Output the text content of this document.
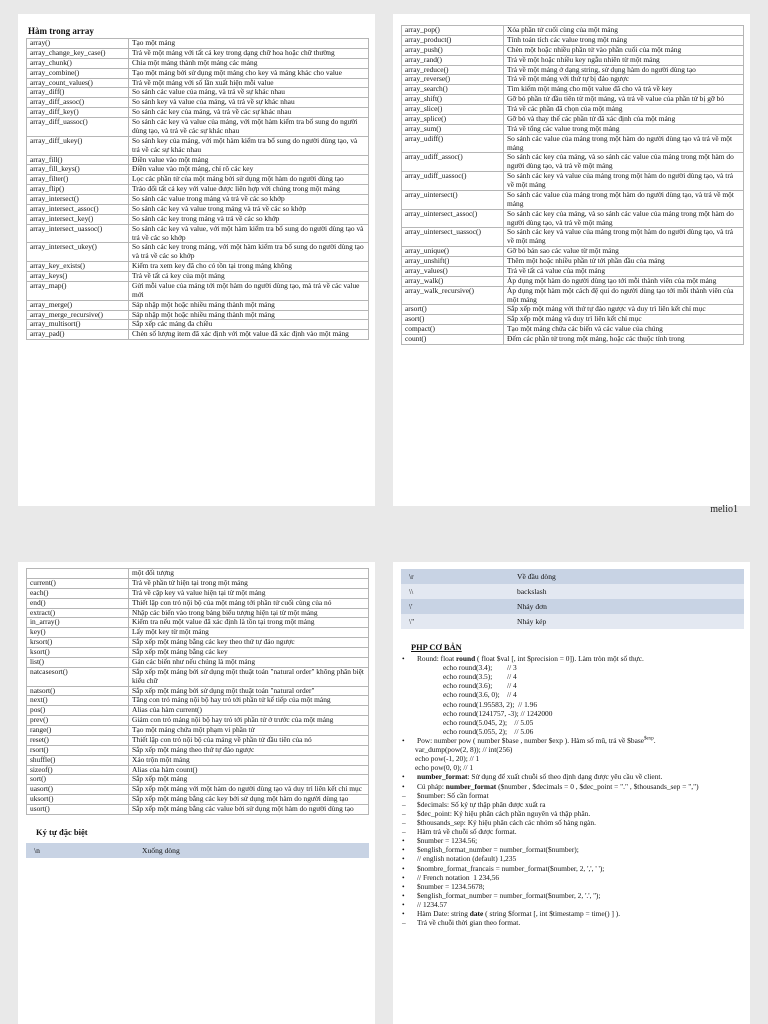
Hàm trong array
array()	Tạo một mảng
array_change_key_case()	Trả về một mảng với tất cả key trong dạng chữ hoa hoặc chữ thường
array_chunk()	Chia một mảng thành một mảng các mảng
array_combine()	Tạo một mảng bởi sử dụng một mảng cho key và mảng khác cho value
array_count_values()	Trả về một mảng với số lần xuất hiện mỗi value
array_diff()	So sánh các value của mảng, và trả về sự khác nhau
array_diff_assoc()	So sánh key và value của mảng, và trả về sự khác nhau
array_diff_key()	So sánh các key của mảng, và trả về các sự khác nhau
array_diff_uassoc()	So sánh các key và value của mảng, với một hàm kiểm tra bổ sung do người dùng tạo, và trả về các sự khác nhau
array_diff_ukey()	So sánh key của mảng, với một hàm kiểm tra bổ sung do người dùng tạo, và trả về các sự khác nhau
array_fill()	Điền value vào một mảng
array_fill_keys()	Điền value vào một mảng, chỉ rõ các key
array_filter()	Lọc các phần tử của một mảng bởi sử dụng một hàm do người dùng tạo
array_flip()	Tráo đổi tất cả key với value được liên hợp với chúng trong một mảng
array_intersect()	So sánh các value trong mảng và trả về các so khớp
array_intersect_assoc()	So sánh các key và value trong mảng và trả về các so khớp
array_intersect_key()	So sánh các key trong mảng và trả về các so khớp
array_intersect_uassoc()	So sánh các key và value, với một hàm kiểm tra bổ sung do người dùng tạo và trả về các so khớp
array_intersect_ukey()	So sánh các key trong mảng, với một hàm kiểm tra bổ sung do người dùng tạo và trả về các so khớp
array_key_exists()	Kiểm tra xem key đã cho có tồn tại trong mảng không
array_keys()	Trả về tất cả key của một mảng
array_map()	Gửi mỗi value của mảng tới một hàm do người dùng tạo, mà trả về các value mới
array_merge()	Sáp nhập một hoặc nhiều mảng thành một mảng
array_merge_recursive()	Sáp nhập một hoặc nhiều mảng thành một mảng
array_multisort()	Sắp xếp các mảng đa chiều
array_pad()	Chèn số lượng item đã xác định với một value đã xác định vào một mảng
array_pop()	Xóa phần tử cuối cùng của một mảng
array_product()	Tính toán tích các value trong một mảng
array_push()	Chèn một hoặc nhiều phần tử vào phần cuối của một mảng
array_rand()	Trả về một hoặc nhiều key ngẫu nhiên từ một mảng
array_reduce()	Trả về một mảng ở dạng string, sử dụng hàm do người dùng tạo
array_reverse()	Trả về một mảng với thứ tự bị đảo ngược
array_search()	Tìm kiếm một mảng cho một value đã cho và trả về key
array_shift()	Gỡ bỏ phần tử đầu tiên từ một mảng, và trả về value của phần tử bị gỡ bỏ
array_slice()	Trả về các phần đã chọn của một mảng
array_splice()	Gỡ bỏ và thay thế các phần tử đã xác định của một mảng
array_sum()	Trả về tổng các value trong một mảng
array_udiff()	So sánh các value của mảng trong một hàm do người dùng tạo và trả về một mảng
array_udiff_assoc()	So sánh các key của mảng, và so sánh các value của mảng trong một hàm do người dùng tạo, và trả về một mảng
array_udiff_uassoc()	So sánh các key và value của mảng trong một hàm do người dùng tạo, và trả về một mảng
array_uintersect()	So sánh các value của mảng trong một hàm do người dùng tạo, và trả về một mảng
array_uintersect_assoc()	So sánh các key của mảng, và so sánh các value của mảng trong một hàm do người dùng tạo, và trả về một mảng
array_uintersect_uassoc()	So sánh các key và value của mảng trong một hàm do người dùng tạo, và trả về một mảng
array_unique()	Gỡ bỏ bản sao các value từ một mảng
array_unshift()	Thêm một hoặc nhiều phần tử tới phần đầu của mảng
array_values()	Trả về tất cả value của một mảng
array_walk()	Áp dụng một hàm do người dùng tạo tới mỗi thành viên của một mảng
array_walk_recursive()	Áp dụng một hàm một cách đệ qui do người dùng tạo tới mỗi thành viên của một mảng
arsort()	Sắp xếp một mảng với thứ tự đảo ngược và duy trì liên kết chỉ mục
asort()	Sắp xếp một mảng và duy trì liên kết chỉ mục
compact()	Tạo một mảng chứa các biến và các value của chúng
count()	Đếm các phần tử trong một mảng, hoặc các thuộc tính trong
melio1
	một đối tượng
current()	Trả về phần tử hiện tại trong một mảng
each()	Trả về cặp key và value hiện tại từ một mảng
end()	Thiết lập con trỏ nội bộ của một mảng tới phần tử cuối cùng của nó
extract()	Nhập các biến vào trong bảng biểu tượng hiện tại từ một mảng
in_array()	Kiểm tra nếu một value đã xác định là tồn tại trong một mảng
key()	Lấy một key từ một mảng
krsort()	Sắp xếp một mảng bằng các key theo thứ tự đảo ngược
ksort()	Sắp xếp một mảng bằng các key
list()	Gán các biến như nếu chúng là một mảng
natcasesort()	Sắp xếp một mảng bởi sử dụng một thuật toán "natural order" không phân biệt kiểu chữ
natsort()	Sắp xếp một mảng bởi sử dụng một thuật toán "natural order"
next()	Tăng con trỏ mảng nội bộ hay trỏ tới phần tử kế tiếp của một mảng
pos()	Alias của hàm current()
prev()	Giảm con trỏ mảng nội bộ hay trỏ tới phần tử ở trước của một mảng
range()	Tạo một mảng chứa một phạm vi phần tử
reset()	Thiết lập con trỏ nội bộ của mảng về phần tử đầu tiên của nó
rsort()	Sắp xếp một mảng theo thứ tự đảo ngược
shuffle()	Xáo trộn một mảng
sizeof()	Alias của hàm count()
sort()	Sắp xếp một mảng
uasort()	Sắp xếp một mảng với một hàm do người dùng tạo và duy trì liên kết chỉ mục
uksort()	Sắp xếp một mảng bằng các key bởi sử dụng một hàm do người dùng tạo
usort()	Sắp xếp một mảng bằng các value bởi sử dụng một hàm do người dùng tạo
Ký tự đặc biệt
\n	Xuống dòng
\r	Về đầu dòng
\\	backslash
\'	Nháy đơn
\"	Nháy kép
PHP CƠ BẢN
• Round: float round ( float $val [, int $precision = 0]). Làm tròn một số thực.
echo round(3.4);        // 3
echo round(3.5);        // 4
echo round(3.6);        // 4
echo round(3.6, 0);    // 4
echo round(1.95583, 2);  // 1.96
echo round(1241757, -3); // 1242000
echo round(5.045, 2);    // 5.05
echo round(5.055, 2);    // 5.06
• Pow: number pow ( number $base , number $exp ). Hàm số mũ, trả về $base$^{\$exp}$.
var_dump(pow(2, 8)); // int(256)
echo pow(-1, 20); // 1
echo pow(0, 0); // 1
• number_format: Sử dụng để xuất chuỗi số theo định dạng được yêu cầu về client.
• Cú pháp: number_format ($number , $decimals = 0 , $dec_point = "." , $thousands_sep = ",")
– $number: Số cần format
– $decimals: Số ký tự thập phân được xuất ra
– $dec_point: Ký hiệu phân cách phần nguyên và thập phân.
– $thousands_sep: Ký hiệu phân cách các nhóm số hàng ngàn.
– Hàm trả về chuỗi số được format.
• $number = 1234.56;
• $english_format_number = number_format($number);
• // english notation (default) 1,235
• $nombre_format_francais = number_format($number, 2, ',', ' ');
• // French notation  1 234,56
• $number = 1234.5678;
• $english_format_number = number_format($number, 2, '.', '');
• // 1234.57
• Hàm Date: string date ( string $format [, int $timestamp = time() ] ).
– Trả về chuỗi thời gian theo format.
